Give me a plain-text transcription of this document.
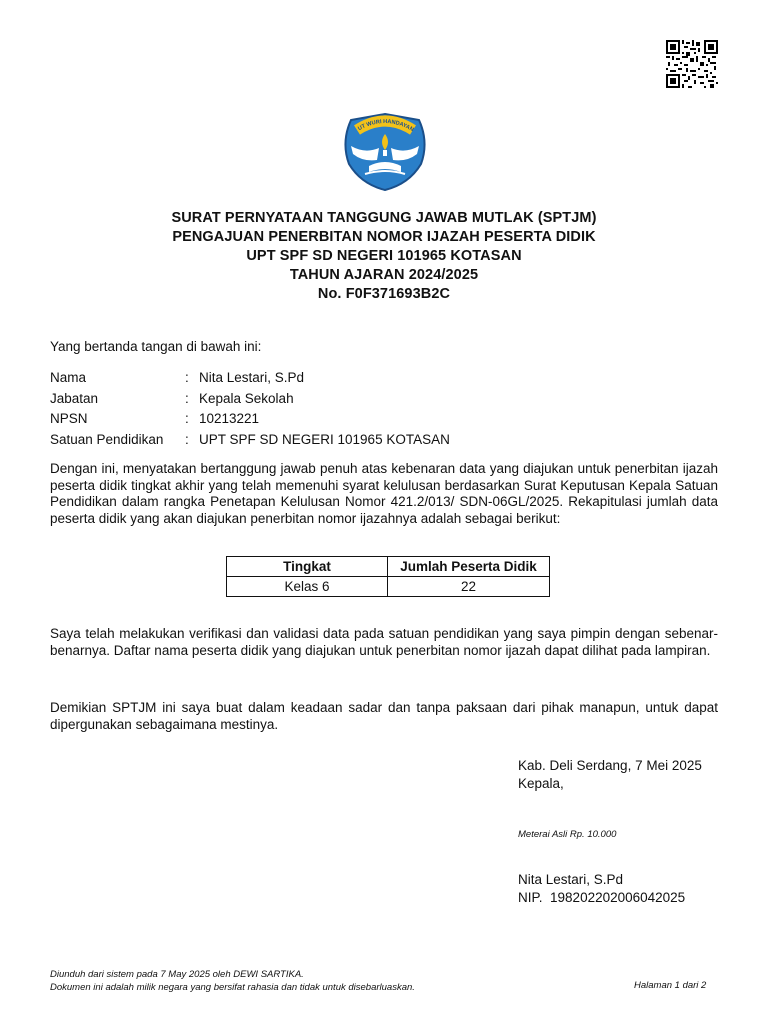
UT WURI HANDAYAN
SURAT PERNYATAAN TANGGUNG JAWAB MUTLAK (SPTJM)
PENGAJUAN PENERBITAN NOMOR IJAZAH PESERTA DIDIK
UPT SPF SD NEGERI 101965 KOTASAN
TAHUN AJARAN 2024/2025
No. F0F371693B2C
Yang bertanda tangan di bawah ini:
Nama	: Nita Lestari, S.Pd
Jabatan	: Kepala Sekolah
NPSN	: 10213221
Satuan Pendidikan	: UPT SPF SD NEGERI 101965 KOTASAN
Dengan ini, menyatakan bertanggung jawab penuh atas kebenaran data yang diajukan untuk penerbitan ijazah peserta didik tingkat akhir yang telah memenuhi syarat kelulusan berdasarkan Surat Keputusan Kepala Satuan Pendidikan dalam rangka Penetapan Kelulusan Nomor 421.2/013/ SDN-06GL/2025. Rekapitulasi jumlah data peserta didik yang akan diajukan penerbitan nomor ijazahnya adalah sebagai berikut:
Tingkat	Jumlah Peserta Didik
Kelas 6	22
Saya telah melakukan verifikasi dan validasi data pada satuan pendidikan yang saya pimpin dengan sebenar-benarnya. Daftar nama peserta didik yang diajukan untuk penerbitan nomor ijazah dapat dilihat pada lampiran.
Demikian SPTJM ini saya buat dalam keadaan sadar dan tanpa paksaan dari pihak manapun, untuk dapat dipergunakan sebagaimana mestinya.
Kab. Deli Serdang, 7 Mei 2025
Kepala,
Meterai Asli Rp. 10.000
Nita Lestari, S.Pd
NIP. 198202202006042025
Diunduh dari sistem pada 7 May 2025 oleh DEWI SARTIKA.
Dokumen ini adalah milik negara yang bersifat rahasia dan tidak untuk disebarluaskan.	Halaman 1 dari 2
